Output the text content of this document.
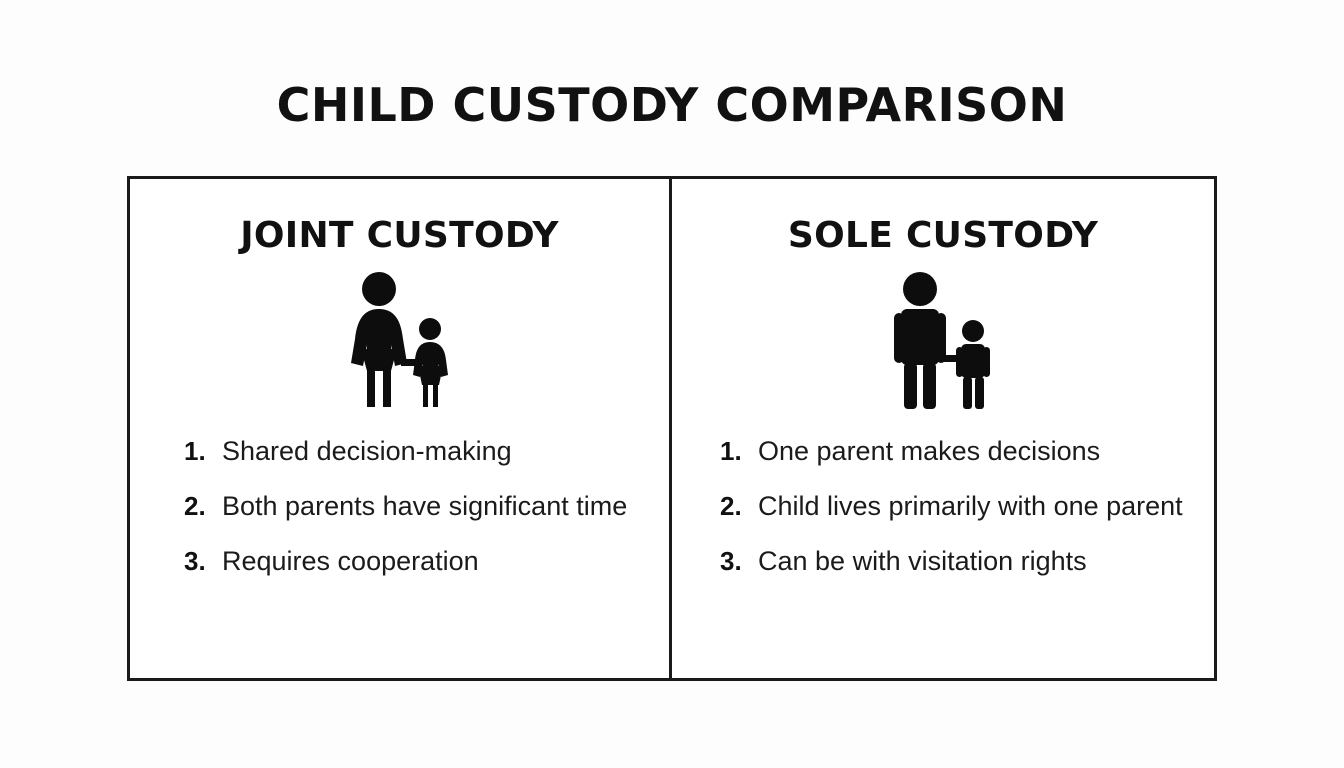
CHILD CUSTODY COMPARISON
JOINT CUSTODY
1. Shared decision-making
2. Both parents have significant time
3. Requires cooperation
SOLE CUSTODY
1. One parent makes decisions
2. Child lives primarily with one parent
3. Can be with visitation rights
